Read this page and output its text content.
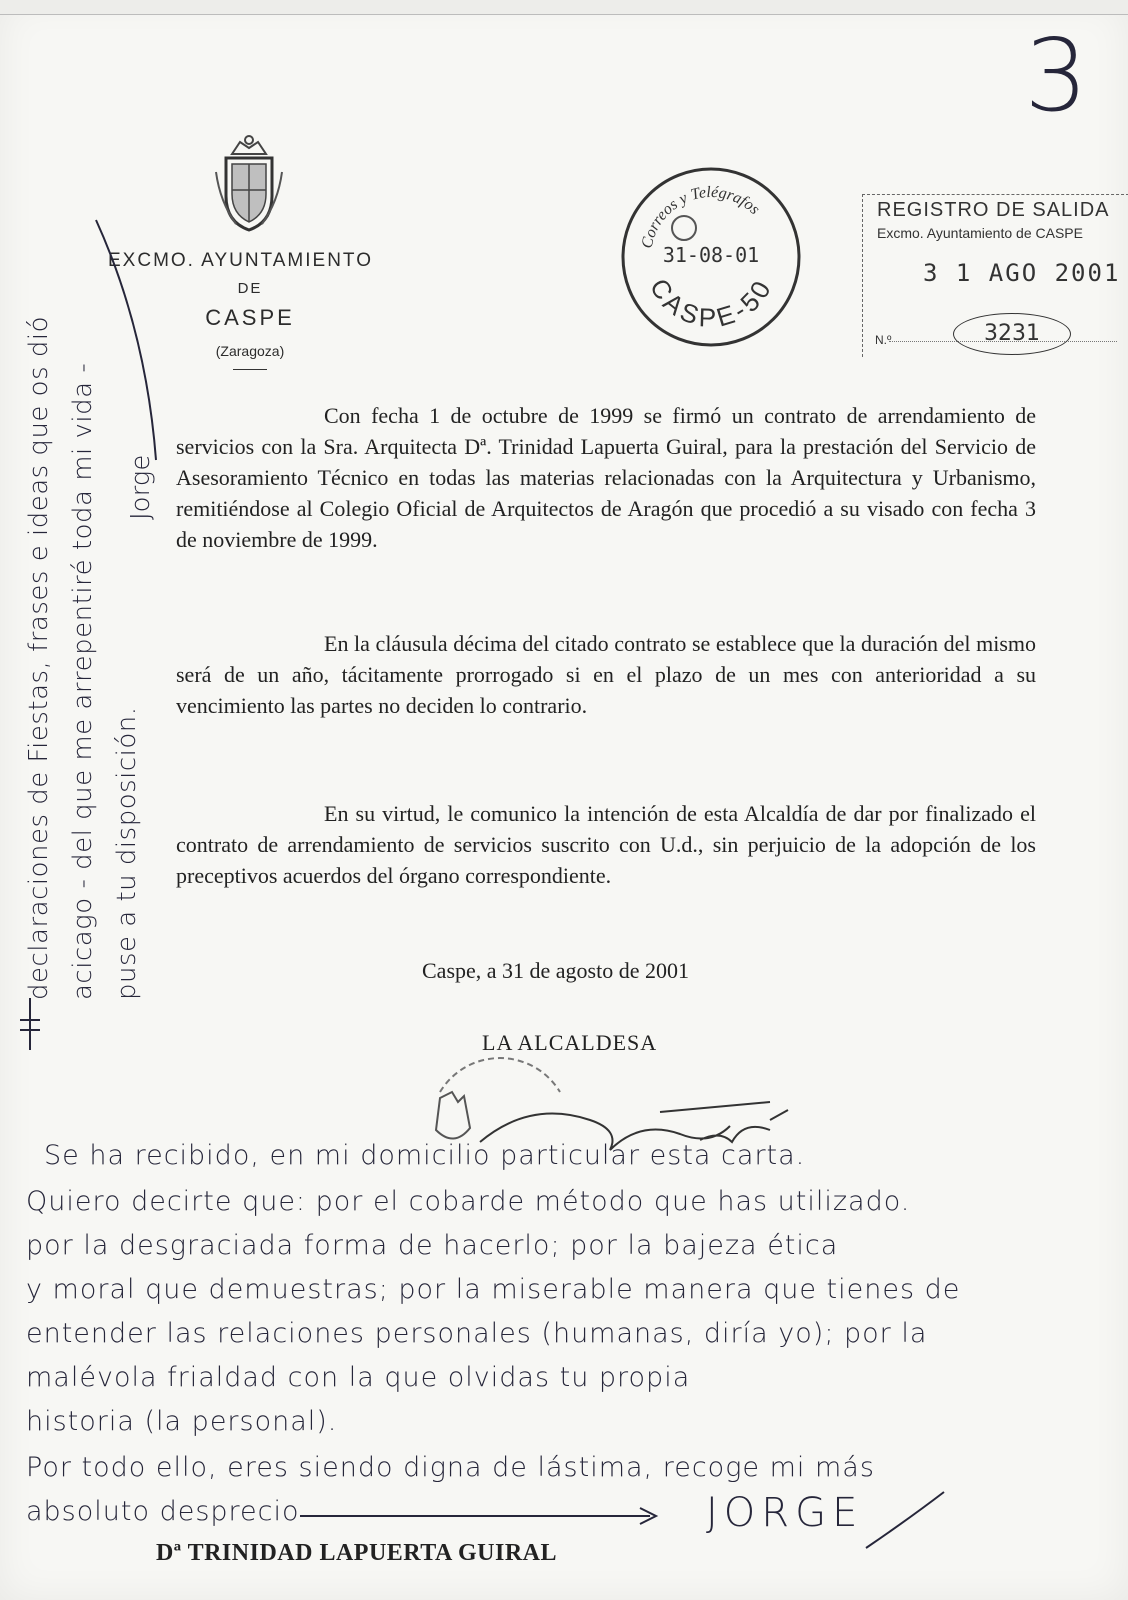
3
EXCMO. AYUNTAMIENTO
DE
CASPE
(Zaragoza)
Correos y Telégrafos
31-08-01
CASPE-50
REGISTRO DE SALIDA
Excmo. Ayuntamiento de CASPE
3 1 AGO 2001
N.º	3231
Con fecha 1 de octubre de 1999 se firmó un contrato de arrendamiento de servicios con la Sra. Arquitecta Dª. Trinidad Lapuerta Guiral, para la prestación del Servicio de Asesoramiento Técnico en todas las materias relacionadas con la Arquitectura y Urbanismo, remitiéndose al Colegio Oficial de Arquitectos de Aragón que procedió a su visado con fecha 3 de noviembre de 1999.
En la cláusula décima del citado contrato se establece que la duración del mismo será de un año, tácitamente prorrogado si en el plazo de un mes con anterioridad a su vencimiento las partes no deciden lo contrario.
En su virtud, le comunico la intención de esta Alcaldía de dar por finalizado el contrato de arrendamiento de servicios suscrito con U.d., sin perjuicio de la adopción de los preceptivos acuerdos del órgano correspondiente.
Caspe, a 31 de agosto de 2001
LA ALCALDESA
declaraciones de Fiestas, frases e ideas que os dió acicago - del que me arrepentiré toda mi vida - puse a tu disposición.
Jorge
Se ha recibido, en mi domicilio particular esta carta.
Quiero decirte que: por el cobarde método que has utilizado.
por la desgraciada forma de hacerlo; por la bajeza ética
y moral que demuestras; por la miserable manera que tienes de
entender las relaciones personales (humanas, diría yo); por la
malévola frialdad con la que olvidas tu propia
historia (la personal).
Por todo ello, eres siendo digna de lástima, recoge mi más
absoluto desprecio	JORGE
Dª TRINIDAD LAPUERTA GUIRAL
